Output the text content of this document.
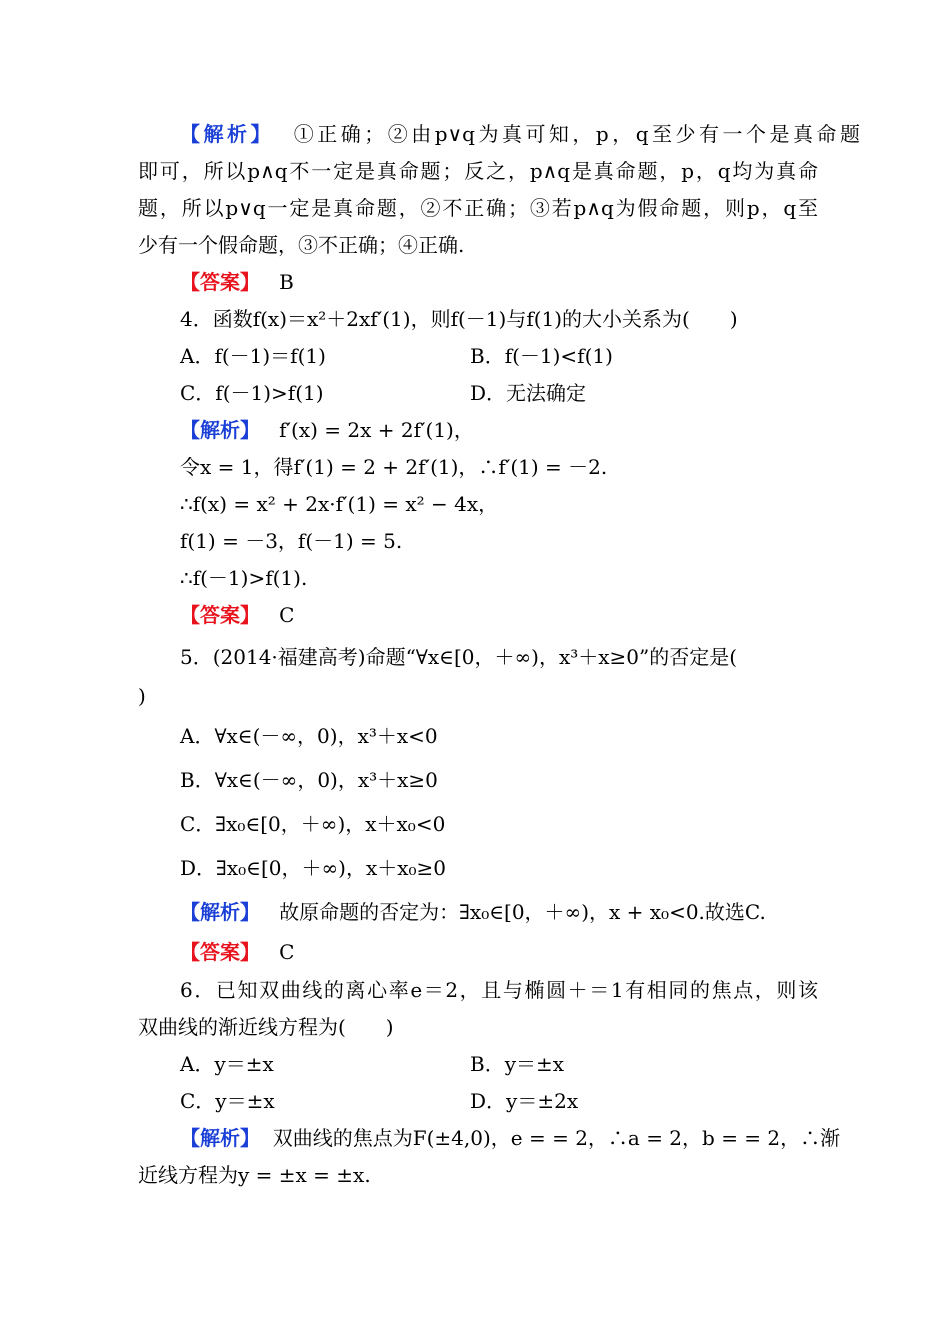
【解析】 ①正确；②由p∨q为真可知，p，q至少有一个是真命题
即可，所以p∧q不一定是真命题；反之，p∧q是真命题，p，q均为真命
题，所以p∨q一定是真命题，②不正确；③若p∧q为假命题，则p，q至
少有一个假命题，③不正确；④正确.
【答案】 B
4．函数f(x)＝x²＋2xf′(1)，则f(－1)与f(1)的大小关系为(　　)
A．f(－1)＝f(1)	B．f(－1)<f(1)
C．f(－1)>f(1)	D．无法确定
【解析】 f′(x) = 2x + 2f′(1)，
令x = 1，得f′(1) = 2 + 2f′(1)，∴f′(1) = －2.
∴f(x) = x² + 2x·f′(1) = x² − 4x，
f(1) = －3，f(－1) = 5.
∴f(－1)>f(1).
【答案】 C
5．(2014·福建高考)命题“∀x∈[0，＋∞)，x³＋x≥0”的否定是(
)
A．∀x∈(－∞，0)，x³＋x<0
B．∀x∈(－∞，0)，x³＋x≥0
C．∃x₀∈[0，＋∞)，x＋x₀<0
D．∃x₀∈[0，＋∞)，x＋x₀≥0
【解析】 故原命题的否定为：∃x₀∈[0，＋∞)，x + x₀<0.故选C.
【答案】 C
6．已知双曲线的离心率e＝2，且与椭圆＋＝1有相同的焦点，则该
双曲线的渐近线方程为(　　)
A．y＝±x	B．y＝±x
C．y＝±x	D．y＝±2x
【解析】 双曲线的焦点为F(±4,0)，e = = 2，∴a = 2，b = = 2，∴渐
近线方程为y = ±x = ±x.
